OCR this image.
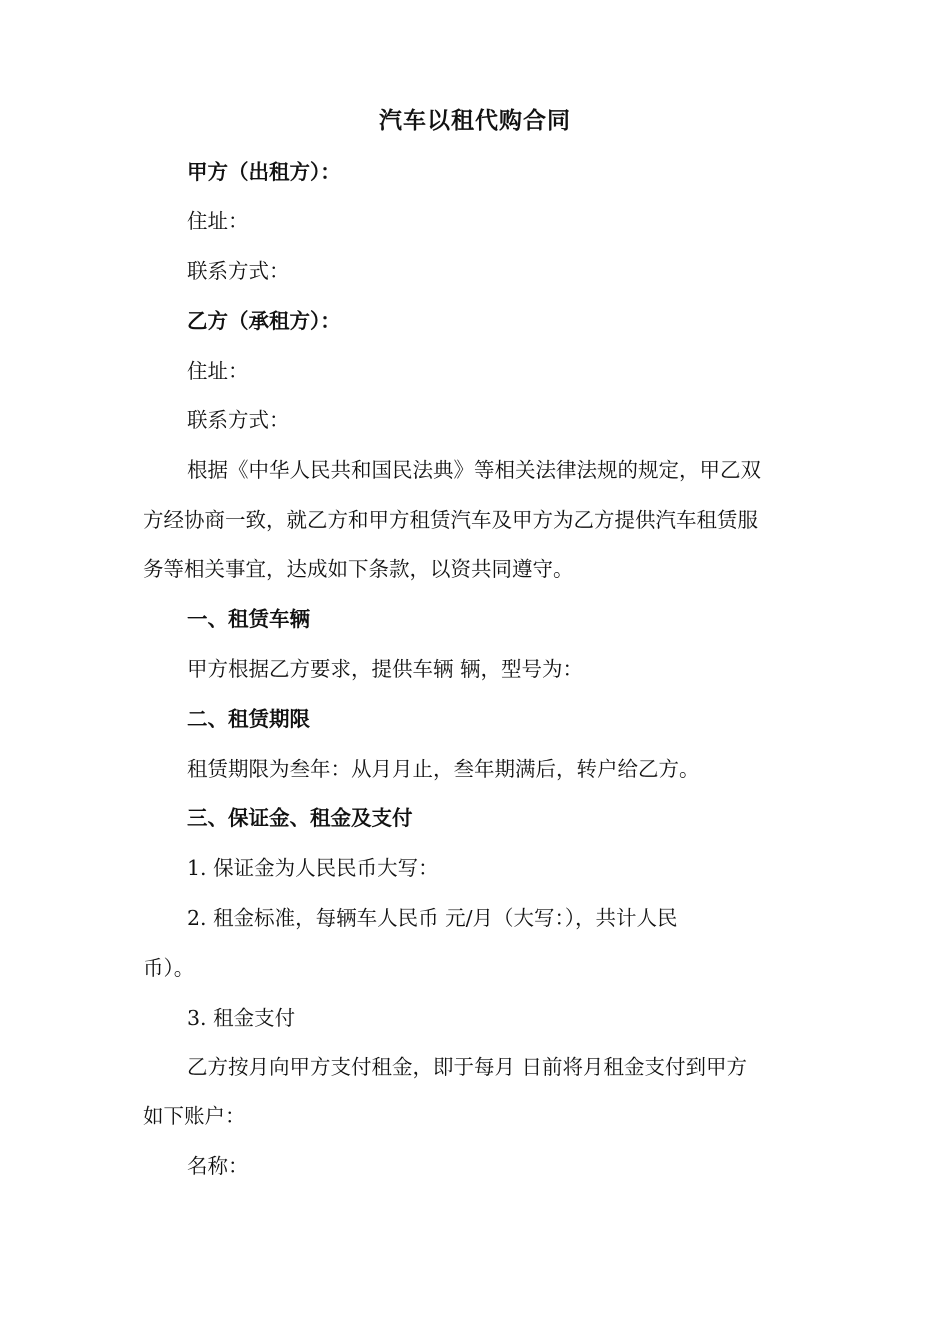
汽车以租代购合同
甲方（出租方）：
住址：
联系方式：
乙方（承租方）：
住址：
联系方式：
根据《中华人民共和国民法典》等相关法律法规的规定，甲乙双
方经协商一致，就乙方和甲方租赁汽车及甲方为乙方提供汽车租赁服
务等相关事宜，达成如下条款，以资共同遵守。
一、租赁车辆
甲方根据乙方要求，提供车辆 辆，型号为：
二、租赁期限
租赁期限为叁年：从月月止，叁年期满后，转户给乙方。
三、保证金、租金及支付
1. 保证金为人民民币大写：
2. 租金标准，每辆车人民币 元/月（大写：），共计人民
币）。
3. 租金支付
乙方按月向甲方支付租金，即于每月 日前将月租金支付到甲方
如下账户：
名称：
